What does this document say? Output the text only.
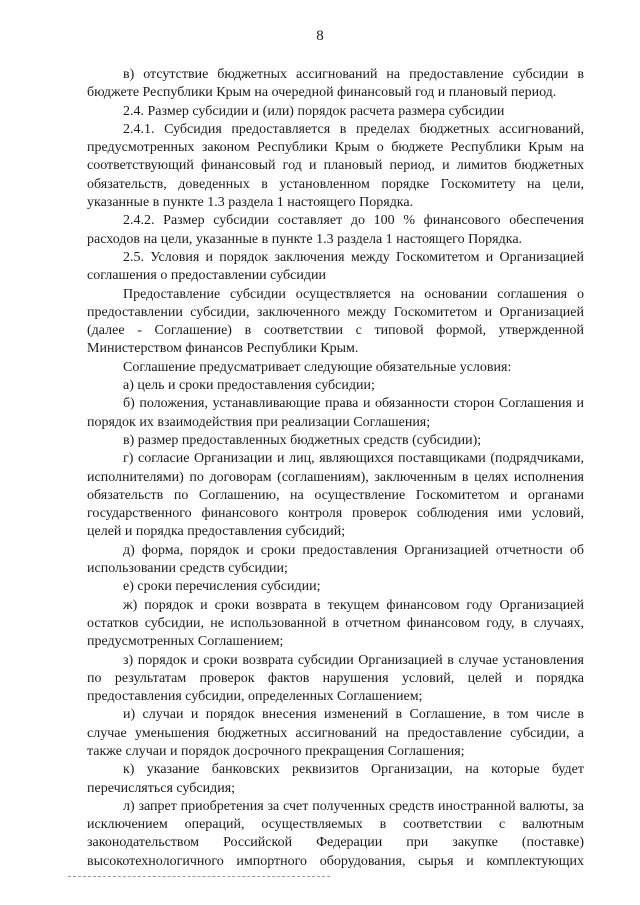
8

в) отсутствие бюджетных ассигнований на предоставление субсидии в бюджете Республики Крым на очередной финансовый год и плановый период.

2.4. Размер субсидии и (или) порядок расчета размера субсидии

2.4.1. Субсидия предоставляется в пределах бюджетных ассигнований, предусмотренных законом Республики Крым о бюджете Республики Крым на соответствующий финансовый год и плановый период, и лимитов бюджетных обязательств, доведенных в установленном порядке Госкомитету на цели, указанные в пункте 1.3 раздела 1 настоящего Порядка.

2.4.2. Размер субсидии составляет до 100 % финансового обеспечения расходов на цели, указанные в пункте 1.3 раздела 1 настоящего Порядка.

2.5. Условия и порядок заключения между Госкомитетом и Организацией соглашения о предоставлении субсидии

Предоставление субсидии осуществляется на основании соглашения о предоставлении субсидии, заключенного между Госкомитетом и Организацией (далее - Соглашение) в соответствии с типовой формой, утвержденной Министерством финансов Республики Крым.

Соглашение предусматривает следующие обязательные условия:

а) цель и сроки предоставления субсидии;

б) положения, устанавливающие права и обязанности сторон Соглашения и порядок их взаимодействия при реализации Соглашения;

в) размер предоставленных бюджетных средств (субсидии);

г) согласие Организации и лиц, являющихся поставщиками (подрядчиками, исполнителями) по договорам (соглашениям), заключенным в целях исполнения обязательств по Соглашению, на осуществление Госкомитетом и органами государственного финансового контроля проверок соблюдения ими условий, целей и порядка предоставления субсидий;

д) форма, порядок и сроки предоставления Организацией отчетности об использовании средств субсидии;

е) сроки перечисления субсидии;

ж) порядок и сроки возврата в текущем финансовом году Организацией остатков субсидии, не использованной в отчетном финансовом году, в случаях, предусмотренных Соглашением;

з) порядок и сроки возврата субсидии Организацией в случае установления по результатам проверок фактов нарушения условий, целей и порядка предоставления субсидии, определенных Соглашением;

и) случаи и порядок внесения изменений в Соглашение, в том числе в случае уменьшения бюджетных ассигнований на предоставление субсидии, а также случаи и порядок досрочного прекращения Соглашения;

к) указание банковских реквизитов Организации, на которые будет перечисляться субсидия;

л) запрет приобретения за счет полученных средств иностранной валюты, за исключением операций, осуществляемых в соответствии с валютным законодательством Российской Федерации при закупке (поставке) высокотехнологичного импортного оборудования, сырья и комплектующих
